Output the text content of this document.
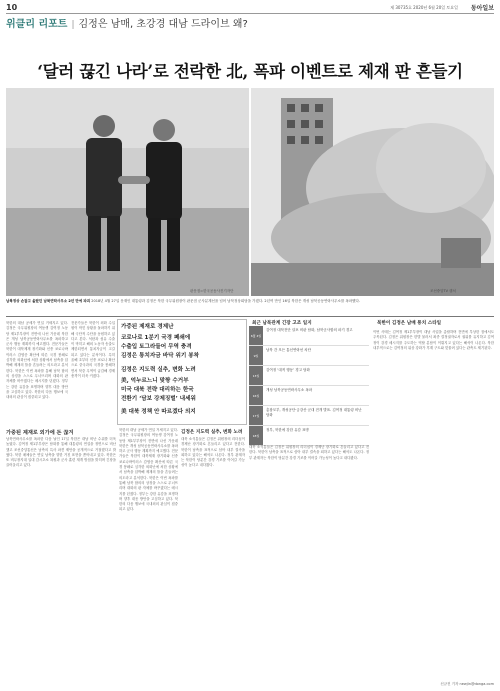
10	제 30735호 2020년 6월 20일 토요일 동아일보
위클리 리포트 | 김정은 남매, 초강경 대남 드라이브 왜?
‘달러 끊긴 나라’로 전락한 北, 폭파 이벤트로 제재 판 흔들기
판문점=한국공동사진기자단	조선중앙TV 캡처
남북정상 손잡고 올랐던 남북연락사무소 2년 만에 파괴 2018년 4월 27일 문재인 대통령과 김정은 북한 국무위원장이 판문점 군사분계선을 넘어 남북정상회담을 가졌다. 2년여 만인 16일 북한은 개성 남북공동연락사무소를 폭파했다.
북한의 대남 공세가 연일 거세지고 있다. 김정은 국무위원장의 여동생 김여정 노동당 제1부부장이 전면에 나선 가운데 북한은 개성 남북공동연락사무소를 폭파하고 군사 행동 계획까지 예고했다. 전문가들은 북한이 대북제재 장기화와 신종 코로나바이러스 감염증 확산에 따른 국경 봉쇄로 심각한 외화난에 처한 상황에서 남측을 압박해 제재의 틀을 흔들려는 의도라고 분석한다. 북한은 이번 폭파를 통해 남북 합의의 상징을 스스로 무너뜨리며 대화의 판 자체를 바꾸겠다는 메시지를 던졌다. 정부는 강한 유감을 표명하며 향후 대응 방안을 고심하고 있다. 북한의 다음 행보에 국내외의 관심이 집중되고 있다.
가중된 제재로 경제난
코로나로 1분기 국경 폐쇄에
수출입 토그라들어 무역 충격
김정은 통치자금 바닥 위기 봉착
김정은 지도력 실추, 변화 노려
美, 억누르느니 맞짱 수거부
미국 대북 전략 대리하는 한국
전환기 ‘담보 강제징벌’ 내세워
美 대북 정책 안 따르겠다 의지
전문가들은 북한이 외화 수입원이 막힌 상황을 돌파하기 위해 극단적 수단을 동원하고 있다고 본다. 석탄과 섬유 수출이 막히고 해외 노동자 송출도 제한되면서 통치자금이 고갈되고 있다는 분석이다. 특히 올해 초부터 신종 코로나 확산으로 중국과의 국경을 봉쇄하면서 북중 무역이 급감해 경제 충격이 더욱 커졌다.
가중된 제재로 외가에 돈 끊겨
남북연락사무소를 폭파한 다음 날인 17일 북한은 대남 비난 수위를 더욱 높였다. 김여정 제1부부장은 담화를 통해 대통령의 연설을 정면으로 비난했고 조선중앙통신은 남측의 특사 파견 제안을 공개적으로 거절했다고 밝혔다. 북한 매체들은 연일 남측을 향한 거친 표현을 쏟아내고 있다. 북한은 또 비무장지대 일대 감시초소 복원과 군사 훈련 재개 방침을 밝히며 긴장을 끌어올리고 있다.
북한의 대남 공세가 연일 거세지고 있다. 김정은 국무위원장의 여동생 김여정 노동당 제1부부장이 전면에 나선 가운데 북한은 개성 남북공동연락사무소를 폭파하고 군사 행동 계획까지 예고했다. 전문가들은 북한이 대북제재 장기화와 신종 코로나바이러스 감염증 확산에 따른 국경 봉쇄로 심각한 외화난에 처한 상황에서 남측을 압박해 제재의 틀을 흔들려는 의도라고 분석한다. 북한은 이번 폭파를 통해 남북 합의의 상징을 스스로 무너뜨리며 대화의 판 자체를 바꾸겠다는 메시지를 던졌다. 정부는 강한 유감을 표명하며 향후 대응 방안을 고심하고 있다. 북한의 다음 행보에 국내외의 관심이 집중되고 있다.
김정은 지도력 실추, 변화 노려
대북 소식통들은 김정은 위원장의 리더십이 경제난 장기화로 흔들리고 있다고 전한다. 북한이 남측을 표적으로 삼아 내부 결속을 꾀하고 있다는 해석도 나온다. 정부 관계자는 북한이 당분간 강경 기조를 이어갈 가능성이 높다고 내다봤다.
최근 남북관계 긴장 고조 일지
6월 4일
김여정 대북전단 살포 비판 담화, 남북군사합의 파기 경고
9일
남북 간 모든 통신연락선 차단
13일
김여정 ‘대적 행동’ 경고 담화
16일
개성 남북공동연락사무소 폭파
17일
총참모부, 개성공단·금강산 군대 전개 발표. 김여정 대통령 비난 담화
18일
정부, 북한에 강한 유감 표명
대북 소식통들은 김정은 위원장의 리더십이 경제난 장기화로 흔들리고 있다고 전한다. 북한이 남측을 표적으로 삼아 내부 결속을 꾀하고 있다는 해석도 나온다. 정부 관계자는 북한이 당분간 강경 기조를 이어갈 가능성이 높다고 내다봤다.
북한이 김정은 남매 통치 스타일
이번 사태는 김여정 제1부부장이 대남 사업을 총괄하며 전면에 부상한 점에서도 주목된다. 김정은 위원장은 한발 물러서 최종 결정권자로서 권위를 유지하고 김여정이 강경 메시지를 주도하는 역할 분담이 이뤄지고 있다는 해석이 나온다. 북한 내부적으로는 김여정의 위상 강화가 후계 구도와 맞물려 있다는 관측도 제기된다.
신규진 기자 newjin@donga.com
